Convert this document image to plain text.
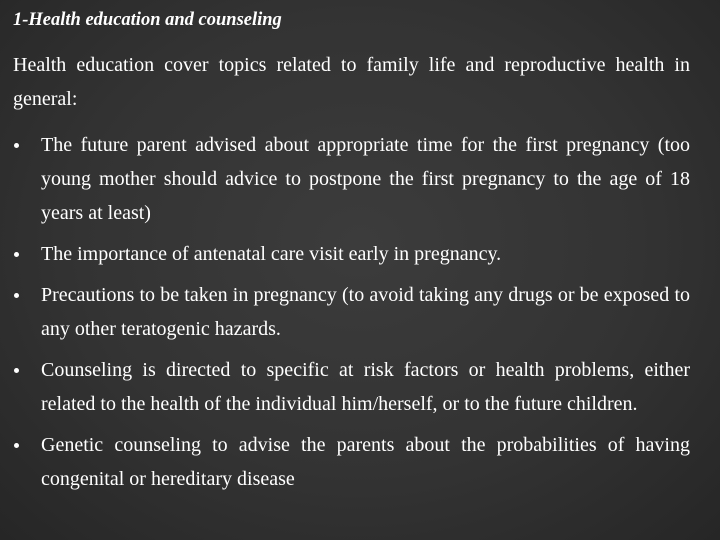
1-Health education and counseling
Health education cover topics related to family life and reproductive health in general:
The future parent advised about appropriate time for the first pregnancy (too young mother should advice to postpone the first pregnancy to the age of 18 years at least)
The importance of antenatal care visit early in pregnancy.
Precautions to be taken in pregnancy (to avoid taking any drugs or be exposed to any other teratogenic hazards.
Counseling is directed to specific at risk factors or health problems, either related to the health of the individual him/herself, or to the future children.
Genetic counseling to advise the parents about the probabilities of having congenital or hereditary disease
